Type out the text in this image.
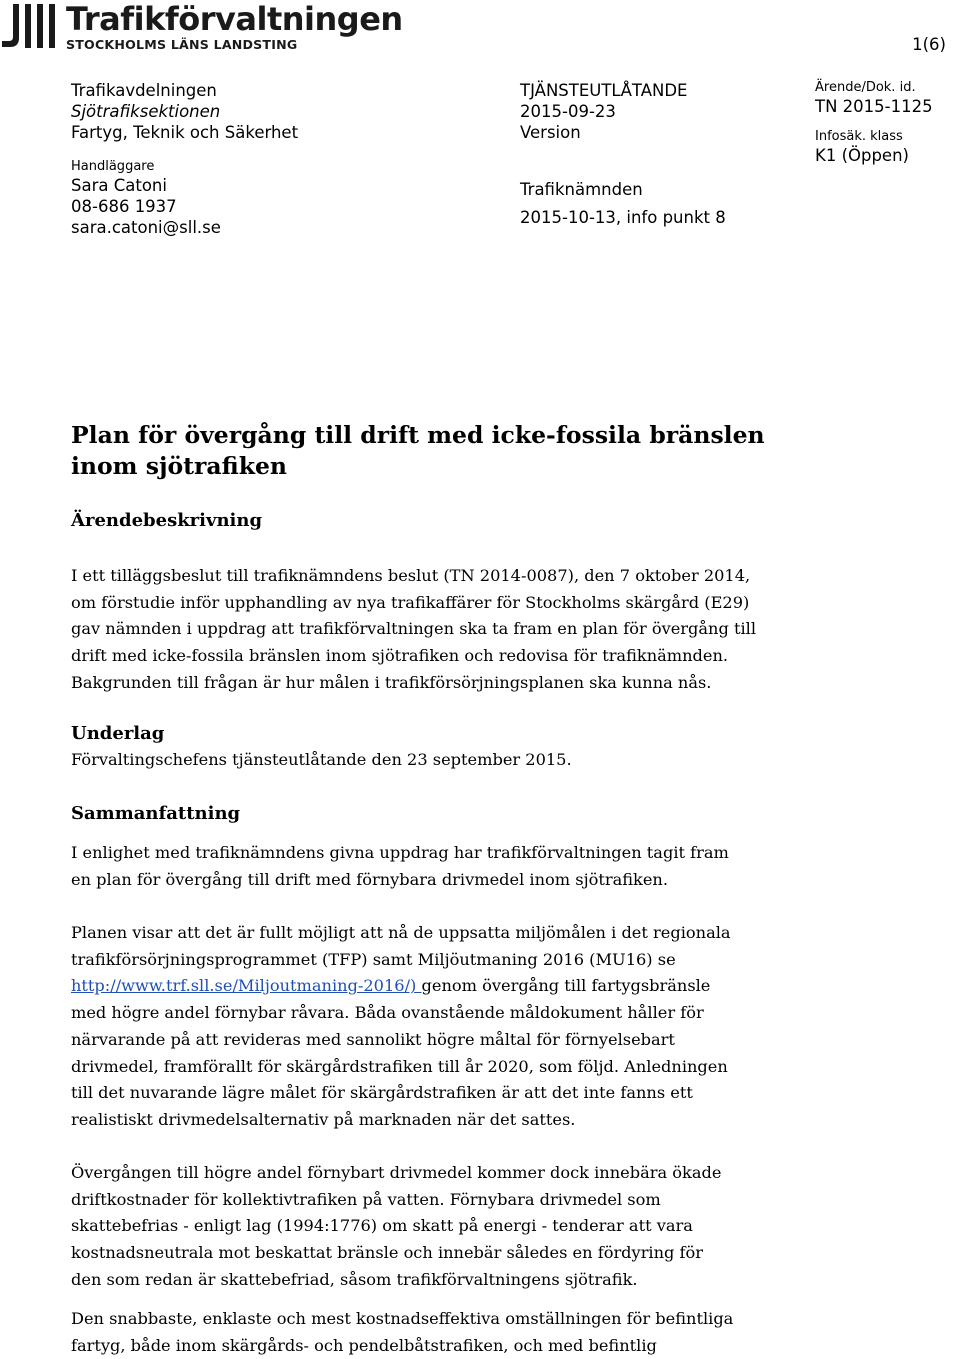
Trafikförvaltningen
STOCKHOLMS LÄNS LANDSTING	1(6)
Trafikavdelningen
Sjötrafiksektionen
Fartyg, Teknik och Säkerhet
Handläggare
Sara Catoni
08-686 1937
sara.catoni@sll.se
TJÄNSTEUTLÅTANDE
2015-09-23
Version
Trafiknämnden
2015-10-13, info punkt 8
Ärende/Dok. id.
TN 2015-1125
Infosäk. klass
K1 (Öppen)
Plan för övergång till drift med icke-fossila bränslen
inom sjötrafiken
Ärendebeskrivning

I ett tilläggsbeslut till trafiknämndens beslut (TN 2014-0087), den 7 oktober 2014,
om förstudie inför upphandling av nya trafikaffärer för Stockholms skärgård (E29)
gav nämnden i uppdrag att trafikförvaltningen ska ta fram en plan för övergång till
drift med icke-fossila bränslen inom sjötrafiken och redovisa för trafiknämnden.
Bakgrunden till frågan är hur målen i trafikförsörjningsplanen ska kunna nås.

Underlag

Förvaltingschefens tjänsteutlåtande den 23 september 2015.

Sammanfattning

I enlighet med trafiknämndens givna uppdrag har trafikförvaltningen tagit fram
en plan för övergång till drift med förnybara drivmedel inom sjötrafiken.

Planen visar att det är fullt möjligt att nå de uppsatta miljömålen i det regionala
trafikförsörjningsprogrammet (TFP) samt Miljöutmaning 2016 (MU16) se
http://www.trf.sll.se/Miljoutmaning-2016/) genom övergång till fartygsbränsle
med högre andel förnybar råvara. Båda ovanstående måldokument håller för
närvarande på att revideras med sannolikt högre måltal för förnyelsebart
drivmedel, framförallt för skärgårdstrafiken till år 2020, som följd. Anledningen
till det nuvarande lägre målet för skärgårdstrafiken är att det inte fanns ett
realistiskt drivmedelsalternativ på marknaden när det sattes.

Övergången till högre andel förnybart drivmedel kommer dock innebära ökade
driftkostnader för kollektivtrafiken på vatten. Förnybara drivmedel som
skattebefrias - enligt lag (1994:1776) om skatt på energi - tenderar att vara
kostnadsneutrala mot beskattat bränsle och innebär således en fördyring för
den som redan är skattebefriad, såsom trafikförvaltningens sjötrafik.

Den snabbaste, enklaste och mest kostnadseffektiva omställningen för befintliga
fartyg, både inom skärgårds- och pendelbåtstrafiken, och med befintlig
